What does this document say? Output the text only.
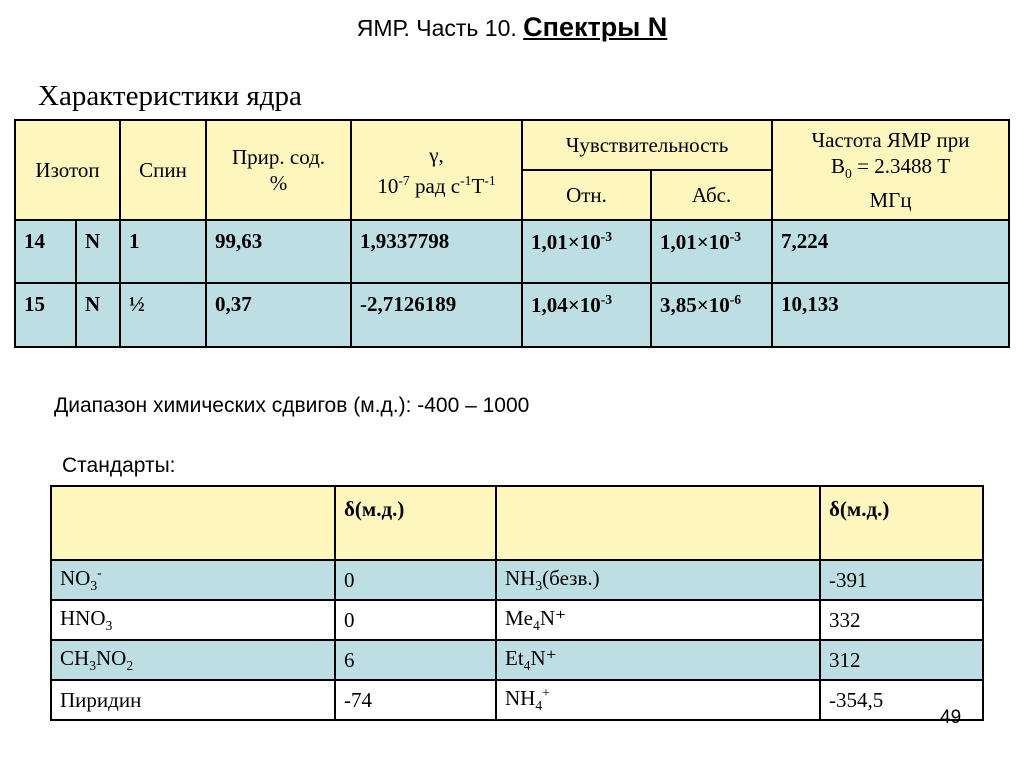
ЯМР. Часть 10. Спектры N
Характеристики ядра
Изотоп		Спин	Прир. сод.
%	γ,
$10^{-7}$ рад $с^{-1}Т^{-1}$	Чувствительность		Частота ЯМР при
$B_0 = 2.3488$ Т
МГц
					Отн.	Абс.	
14	N	1	99,63	1,9337798	$1,01\times 10^{-3}$	$1,01\times 10^{-3}$	7,224
15	N	½	0,37	-2,7126189	$1,04\times 10^{-3}$	$3,85\times 10^{-6}$	10,133
Диапазон химических сдвигов (м.д.): -400 – 1000
Стандарты:
	δ(м.д.)		δ(м.д.)
$NO_3^-$	0	$NH_3(безв.)$	-391
$HNO_3$	0	$Me_4N^+$	332
$CH_3NO_2$	6	$Et_4N^+$	312
Пиридин	-74	$NH_4^+$	-354,5
49
